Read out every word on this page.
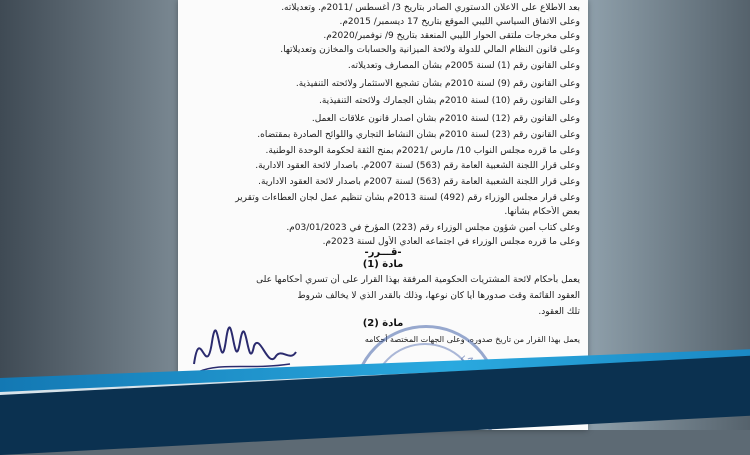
بعد الاطلاع على الاعلان الدستوري الصادر بتاريخ 3/ أغسطس /2011م. وتعديلاته.
وعلى الاتفاق السياسي الليبي الموقع بتاريخ 17 ديسمبر/ 2015م.
وعلى مخرجات ملتقى الحوار الليبي المنعقد بتاريخ 9/ نوفمبر/2020م.
وعلى قانون النظام المالي للدولة ولائحة الميزانية والحسابات والمخازن وتعديلاتها.
وعلى القانون رقم (1) لسنة 2005م بشأن المصارف وتعديلاته.
وعلى القانون رقم (9) لسنة 2010م بشأن تشجيع الاستثمار ولائحته التنفيذية.
وعلى القانون رقم (10) لسنة 2010م بشأن الجمارك ولائحته التنفيذية.
وعلى القانون رقم (12) لسنة 2010م بشأن اصدار قانون علاقات العمل.
وعلى القانون رقم (23) لسنة 2010م بشأن النشاط التجاري واللوائح الصادرة بمقتضاه.
وعلى ما قرره مجلس النواب 10/ مارس /2021م بمنح الثقة لحكومة الوحدة الوطنية.
وعلى قرار اللجنة الشعبية العامة رقم (563) لسنة 2007م. باصدار لائحة العقود الادارية.
وعلى قرار اللجنة الشعبية العامة رقم (563) لسنة 2007م باصدار لائحة العقود الادارية.
وعلى قرار مجلس الوزراء رقم (492) لسنة 2013م بشأن تنظيم عمل لجان العطاءات وتقرير
بعض الأحكام بشأنها.
وعلى كتاب أمين شؤون مجلس الوزراء رقم (223) المؤرخ في 03/01/2023م.
وعلى ما قرره مجلس الوزراء في اجتماعه العادي الأول لسنة 2023م.
-قـــرر-
مادة (1)
يعمل بأحكام لائحة المشتريات الحكومية المرفقة بهذا القرار على أن تسري أحكامها على
العقود القائمة وقت صدورها أيا كان نوعها، وذلك بالقدر الذي لا يخالف شروط
تلك العقود.
مادة (2)
يعمل بهذا القرار من تاريخ صدوره، وعلى الجهات المختصة أحكامه
